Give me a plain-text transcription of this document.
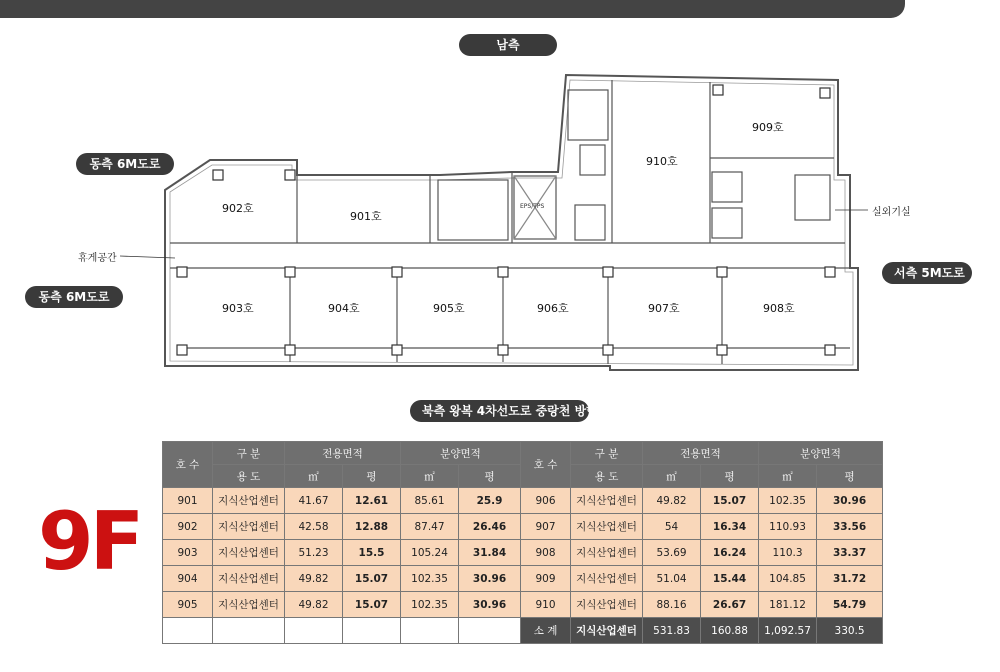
902호
901호
903호	904호	905호	906호	907호	908호
910호
909호
EPS/TPS
남측
동측 6M도로
동측 6M도로
서측 5M도로
북측 왕복 4차선도로 중랑천 방향
휴게공간
실외기실
9F
호 수	구 분	전용면적		분양면적		호 수	구 분	전용면적		분양면적	
	용 도	㎡	평	㎡	평		용 도	㎡	평	㎡	평
901	지식산업센터	41.67	12.61	85.61	25.9	906	지식산업센터	49.82	15.07	102.35	30.96
902	지식산업센터	42.58	12.88	87.47	26.46	907	지식산업센터	54	16.34	110.93	33.56
903	지식산업센터	51.23	15.5	105.24	31.84	908	지식산업센터	53.69	16.24	110.3	33.37
904	지식산업센터	49.82	15.07	102.35	30.96	909	지식산업센터	51.04	15.44	104.85	31.72
905	지식산업센터	49.82	15.07	102.35	30.96	910	지식산업센터	88.16	26.67	181.12	54.79
						소 계	지식산업센터	531.83	160.88	1,092.57	330.5
